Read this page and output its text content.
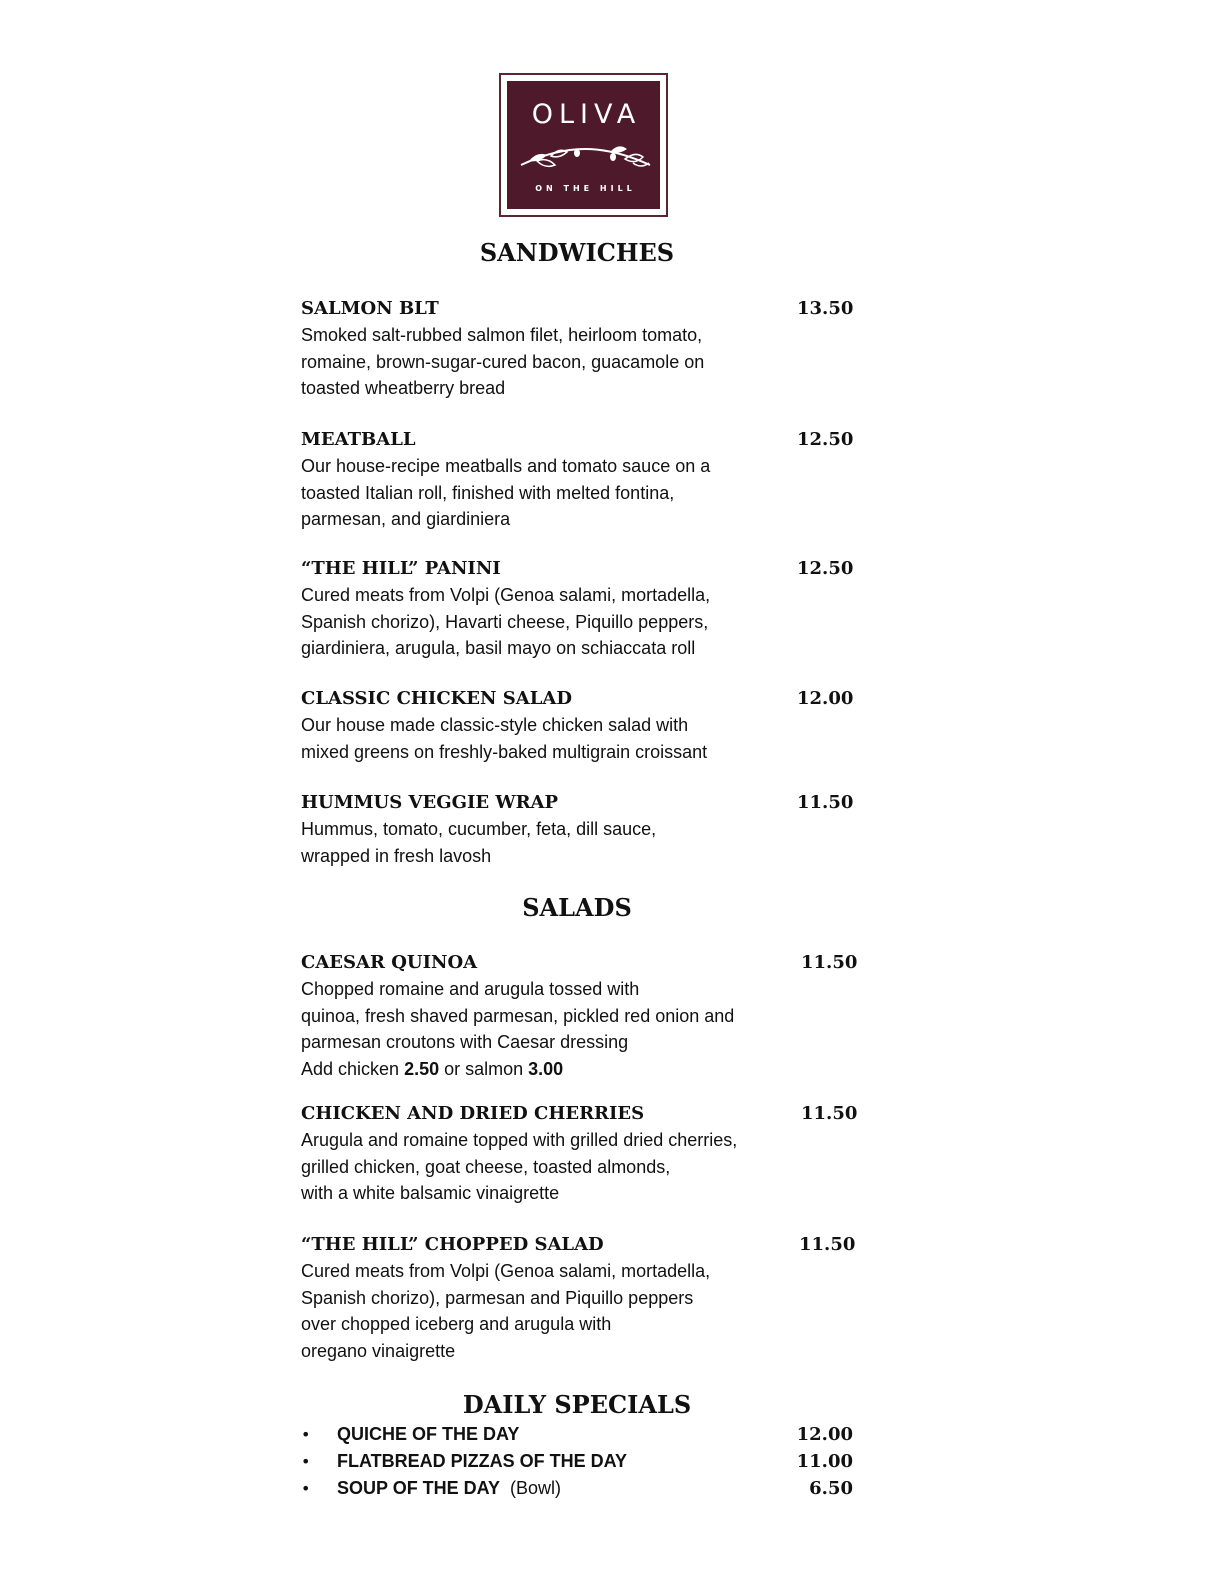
OLIVA
ON THE HILL
SANDWICHES
SALMON BLT	13.50
Smoked salt-rubbed salmon filet, heirloom tomato,
romaine, brown-sugar-cured bacon, guacamole on
toasted wheatberry bread
MEATBALL	12.50
Our house-recipe meatballs and tomato sauce on a
toasted Italian roll, finished with melted fontina,
parmesan, and giardiniera
“THE HILL” PANINI	12.50
Cured meats from Volpi (Genoa salami, mortadella,
Spanish chorizo), Havarti cheese, Piquillo peppers,
giardiniera, arugula, basil mayo on schiaccata roll
CLASSIC CHICKEN SALAD	12.00
Our house made classic-style chicken salad with
mixed greens on freshly-baked multigrain croissant
HUMMUS VEGGIE WRAP	11.50
Hummus, tomato, cucumber, feta, dill sauce,
wrapped in fresh lavosh
SALADS
CAESAR QUINOA	11.50
Chopped romaine and arugula tossed with
quinoa, fresh shaved parmesan, pickled red onion and
parmesan croutons with Caesar dressing
Add chicken 2.50 or salmon 3.00
CHICKEN AND DRIED CHERRIES	11.50
Arugula and romaine topped with grilled dried cherries,
grilled chicken, goat cheese, toasted almonds,
with a white balsamic vinaigrette
“THE HILL” CHOPPED SALAD	11.50
Cured meats from Volpi (Genoa salami, mortadella,
Spanish chorizo), parmesan and Piquillo peppers
over chopped iceberg and arugula with
oregano vinaigrette
DAILY SPECIALS
• QUICHE OF THE DAY	12.00
• FLATBREAD PIZZAS OF THE DAY	11.00
• SOUP OF THE DAY (Bowl)	6.50
